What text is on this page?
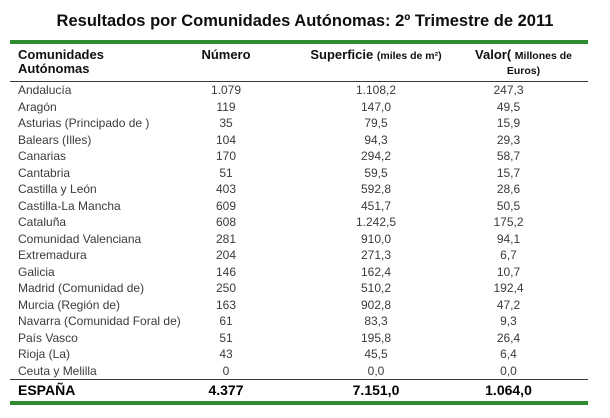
Resultados por Comunidades Autónomas: 2º Trimestre de 2011
Comunidades Autónomas	Número	Superficie (miles de m²)	Valor( Millones de Euros)
Andalucía	1.079	1.108,2	247,3
Aragón	119	147,0	49,5
Asturias (Principado de )	35	79,5	15,9
Balears (Illes)	104	94,3	29,3
Canarias	170	294,2	58,7
Cantabria	51	59,5	15,7
Castilla y León	403	592,8	28,6
Castilla-La Mancha	609	451,7	50,5
Cataluña	608	1.242,5	175,2
Comunidad Valenciana	281	910,0	94,1
Extremadura	204	271,3	6,7
Galicia	146	162,4	10,7
Madrid (Comunidad de)	250	510,2	192,4
Murcia (Región de)	163	902,8	47,2
Navarra (Comunidad Foral de)	61	83,3	9,3
País Vasco	51	195,8	26,4
Rioja (La)	43	45,5	6,4
Ceuta y Melilla	0	0,0	0,0
ESPAÑA	4.377	7.151,0	1.064,0
